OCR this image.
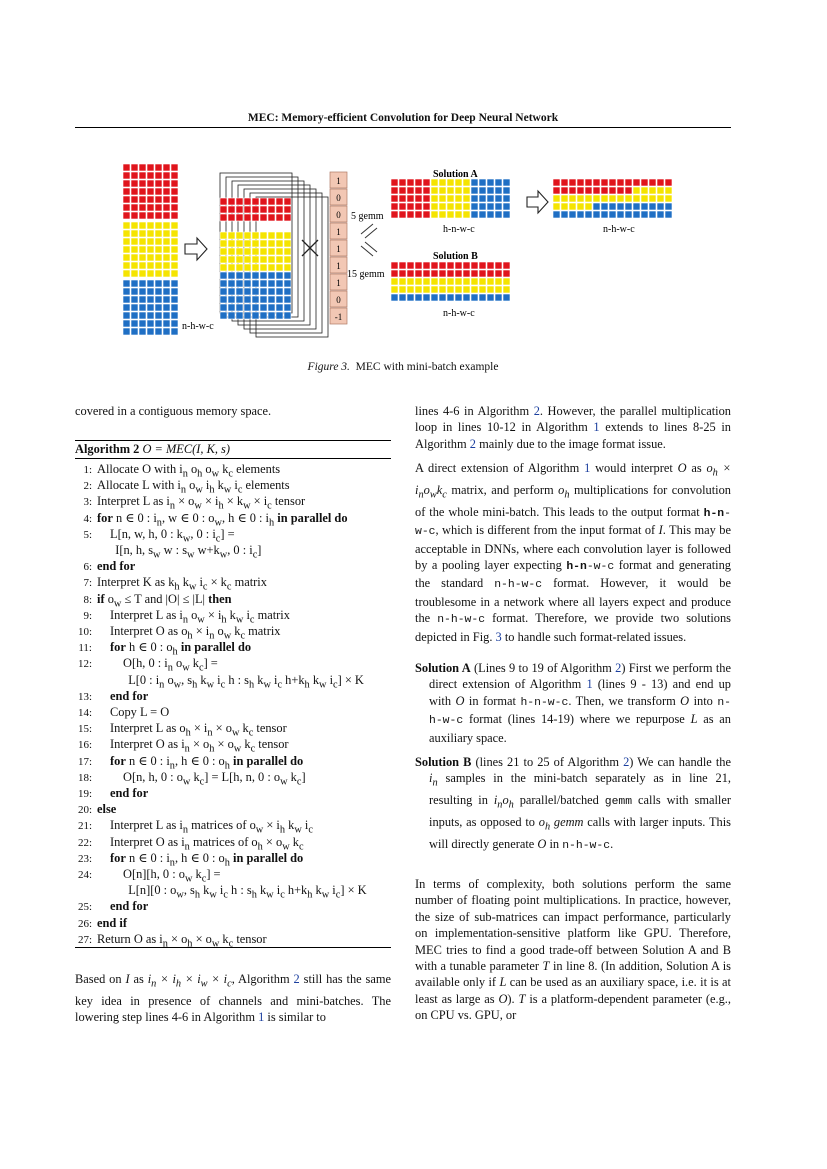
MEC: Memory-efficient Convolution for Deep Neural Network
1
0
0
1
1
1
1
0
-1
n-h-w-c
5 gemm
15 gemm
Solution A
Solution B
h-n-w-c	n-h-w-c
n-h-w-c
Figure 3. MEC with mini-batch example
covered in a contiguous memory space.
Algorithm 2 O = MEC(I, K, s)
1: Allocate O with $i_n$ $o_h$ $o_w$ $k_c$ elements
2: Allocate L with $i_n$ $o_w$ $i_h$ $k_w$ $i_c$ elements
3: Interpret L as $i_n \times o_w \times i_h \times k_w \times i_c$ tensor
4: for n ∈ 0 : $i_n$, w ∈ 0 : $o_w$, h ∈ 0 : $i_h$ in parallel do
5: L[n, w, h, 0 : $k_w$, 0 : $i_c$] =
I[n, h, $s_w$ w : $s_w$ $w+k_w$, 0 : $i_c$]
6: end for
7: Interpret K as $k_h$ $k_w$ $i_c \times k_c$ matrix
8: if $o_w \le T$ and |O| ≤ |L| then
9: Interpret L as $i_n$ $o_w \times i_h$ $k_w$ $i_c$ matrix
10: Interpret O as $o_h \times i_n$ $o_w$ $k_c$ matrix
11: for h ∈ 0 : $o_h$ in parallel do
12:	O[h, 0 : $i_n$ $o_w$ $k_c$] =
L[0 : $i_n$ $o_w$, $s_h$ $k_w$ $i_c$ h : $s_h$ $k_w$ $i_c$ $h+k_h$ $k_w$ $i_c] \times K$
13: end for
14: Copy L = O
15: Interpret L as $o_h \times i_n \times o_w$ $k_c$ tensor
16: Interpret O as $i_n \times o_h \times o_w$ $k_c$ tensor
17: for n ∈ 0 : $i_n$, h ∈ 0 : $o_h$ in parallel do
18:	O[n, h, 0 : $o_w$ $k_c] = L[h$, n, 0 : $o_w$ $k_c$]
19: end for
20: else
21: Interpret L as $i_n$ matrices of $o_w \times i_h$ $k_w$ $i_c$
22: Interpret O as $i_n$ matrices of $o_h \times o_w$ $k_c$
23: for n ∈ 0 : $i_n$, h ∈ 0 : $o_h$ in parallel do
24:	O[n][h, 0 : $o_w$ $k_c$] =
L[n][0 : $o_w$, $s_h$ $k_w$ $i_c$ h : $s_h$ $k_w$ $i_c$ $h+k_h$ $k_w$ $i_c] \times K$
25: end for
26: end if
27: Return O as $i_n \times o_h \times o_w$ $k_c$ tensor

Based on I as $i_n \times i_h \times i_w \times i_c$, Algorithm 2 still has the same key idea in presence of channels and mini-batches. The lowering step lines 4-6 in Algorithm 1 is similar to

lines 4-6 in Algorithm 2. However, the parallel multiplication loop in lines 10-12 in Algorithm 1 extends to lines 8-25 in Algorithm 2 mainly due to the image format issue.

A direct extension of Algorithm 1 would interpret O as $o_h \times i_no_wk_c$ matrix, and perform $o_h$ multiplications for convolution of the whole mini-batch. This leads to the output format h-n-w-c, which is different from the input format of I. This may be acceptable in DNNs, where each convolution layer is followed by a pooling layer expecting h-n-w-c format and generating the standard n-h-w-c format. However, it would be troublesome in a network where all layers expect and produce the n-h-w-c format. Therefore, we provide two solutions depicted in Fig. 3 to handle such format-related issues.

Solution A (Lines 9 to 19 of Algorithm 2) First we perform the direct extension of Algorithm 1 (lines 9 - 13) and end up with O in format h-n-w-c. Then, we transform O into n-h-w-c format (lines 14-19) where we repurpose L as an auxiliary space.

Solution B (lines 21 to 25 of Algorithm 2) We can handle the $i_n$ samples in the mini-batch separately as in line 21, resulting in $i_no_h$ parallel/batched gemm calls with smaller inputs, as opposed to $o_h$ gemm calls with larger inputs. This will directly generate O in n-h-w-c.

In terms of complexity, both solutions perform the same number of floating point multiplications. In practice, however, the size of sub-matrices can impact performance, particularly on implementation-sensitive platform like GPU. Therefore, MEC tries to find a good trade-off between Solution A and B with a tunable parameter T in line 8. (In addition, Solution A is available only if L can be used as an auxiliary space, i.e. it is at least as large as O). T is a platform-dependent parameter (e.g., on CPU vs. GPU, or
